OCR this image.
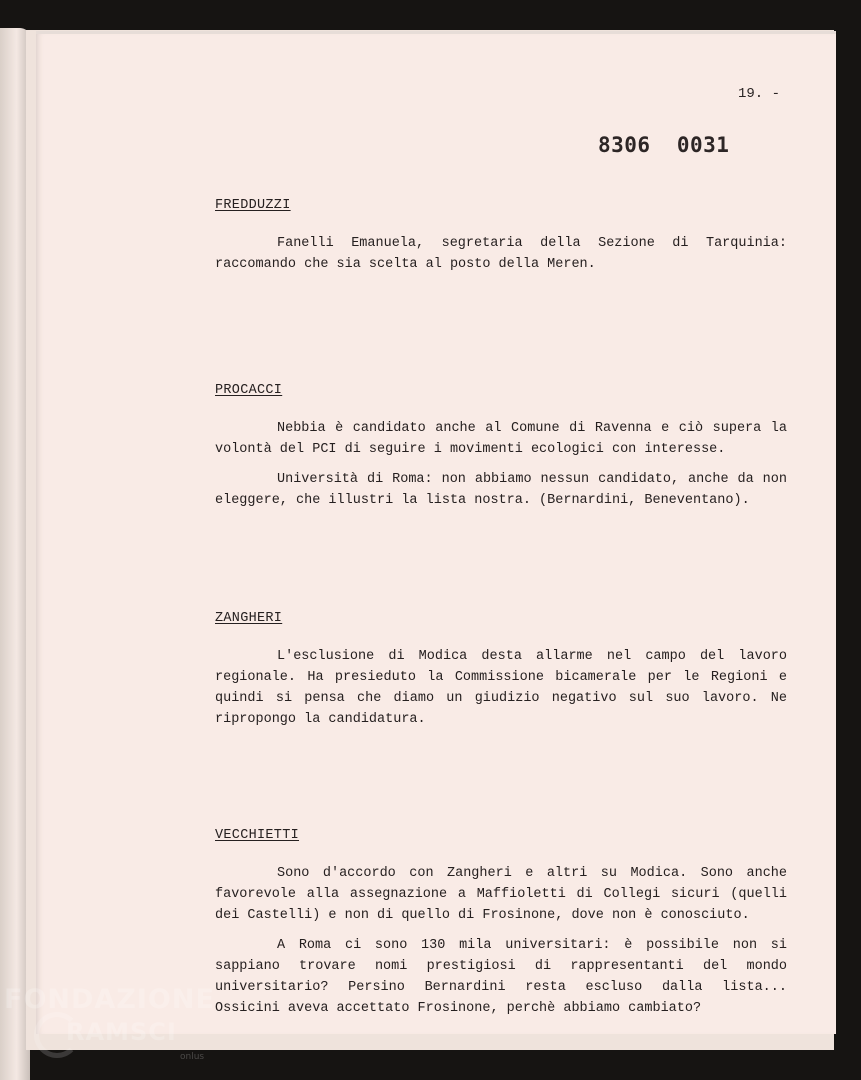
19. -
8306  0031

FREDDUZZI

Fanelli Emanuela, segretaria della Sezione di Tarquinia: raccomando che sia scelta al posto della Meren.

PROCACCI

Nebbia è candidato anche al Comune di Ravenna e ciò supera la volontà del PCI di seguire i movimenti ecologici con interesse.

Università di Roma: non abbiamo nessun candidato, anche da non eleggere, che illustri la lista nostra. (Bernardini, Beneventano).

ZANGHERI

L'esclusione di Modica desta allarme nel campo del lavoro regionale. Ha presieduto la Commissione bicamerale per le Regioni e quindi si pensa che diamo un giudizio negativo sul suo lavoro. Ne ripropongo la candidatura.

VECCHIETTI

Sono d'accordo con Zangheri e altri su Modica. Sono anche favorevole alla assegnazione a Maffioletti di Collegi sicuri (quelli dei Castelli) e non di quello di Frosinone, dove non è conosciuto.

A Roma ci sono 130 mila universitari: è possibile non si sappiano trovare nomi prestigiosi di rappresentanti del mondo universitario? Persino Bernardini resta escluso dalla lista... Ossicini aveva accettato Frosinone, perchè abbiamo cambiato?

FONDAZIONE
RAMSCI
onlus
